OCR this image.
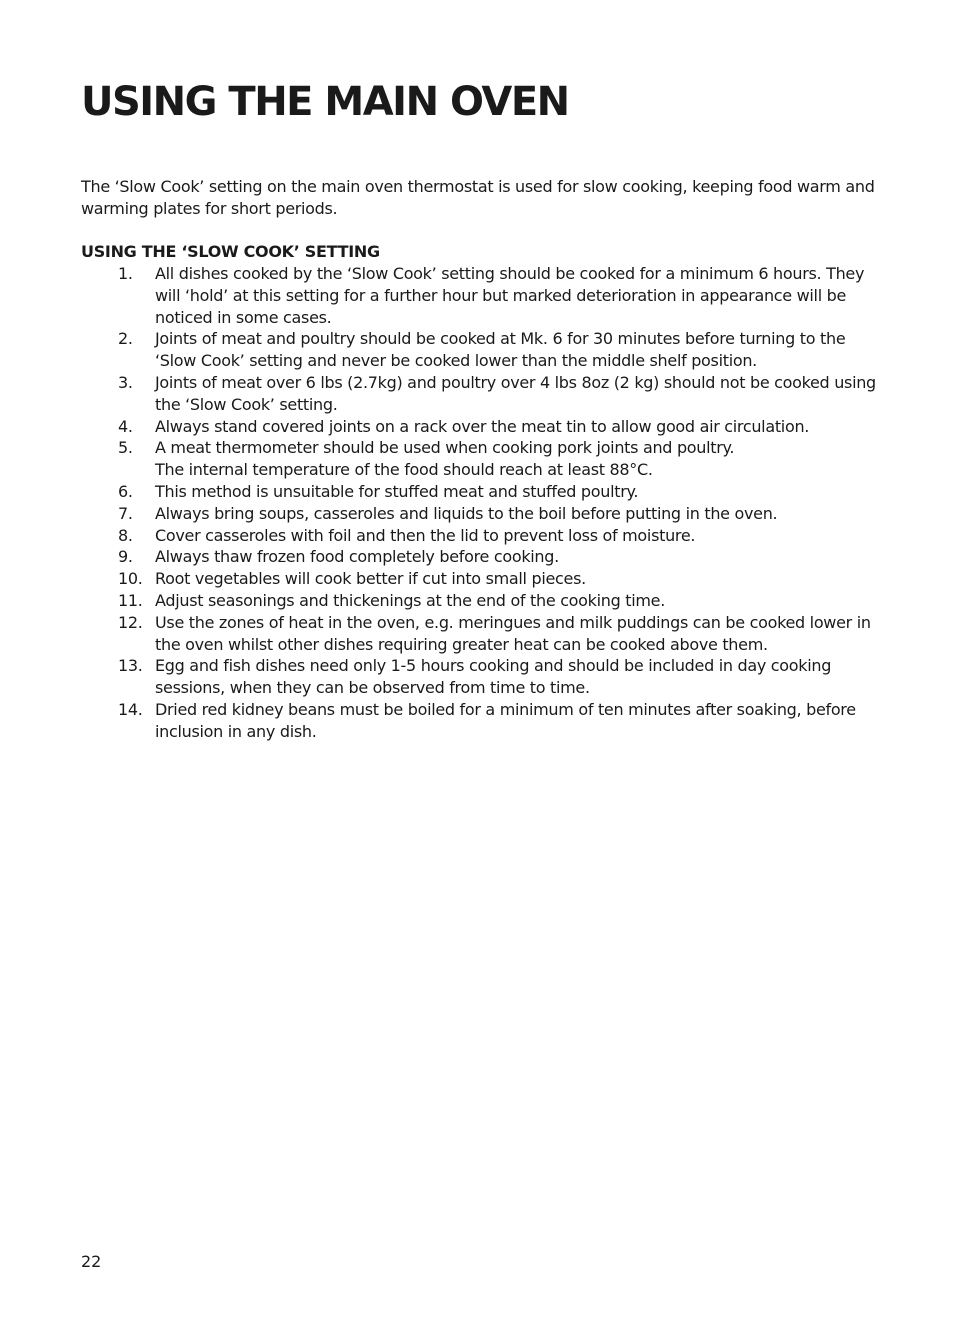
USING THE MAIN OVEN

The ‘Slow Cook’ setting on the main oven thermostat is used for slow cooking, keeping food warm and warming plates for short periods.

USING THE ‘SLOW COOK’ SETTING
1.	All dishes cooked by the ‘Slow Cook’ setting should be cooked for a minimum 6 hours. They will ‘hold’ at this setting for a further hour but marked deterioration in appearance will be noticed in some cases.
2.	Joints of meat and poultry should be cooked at Mk. 6 for 30 minutes before turning to the ‘Slow Cook’ setting and never be cooked lower than the middle shelf position.
3.	Joints of meat over 6 lbs (2.7kg) and poultry over 4 lbs 8oz (2 kg) should not be cooked using the ‘Slow Cook’ setting.
4.	Always stand covered joints on a rack over the meat tin to allow good air circulation.
5.	A meat thermometer should be used when cooking pork joints and poultry.
The internal temperature of the food should reach at least 88°C.
6.	This method is unsuitable for stuffed meat and stuffed poultry.
7.	Always bring soups, casseroles and liquids to the boil before putting in the oven.
8.	Cover casseroles with foil and then the lid to prevent loss of moisture.
9.	Always thaw frozen food completely before cooking.
10. Root vegetables will cook better if cut into small pieces.
11. Adjust seasonings and thickenings at the end of the cooking time.
12. Use the zones of heat in the oven, e.g. meringues and milk puddings can be cooked lower in the oven whilst other dishes requiring greater heat can be cooked above them.
13. Egg and fish dishes need only 1-5 hours cooking and should be included in day cooking sessions, when they can be observed from time to time.
14. Dried red kidney beans must be boiled for a minimum of ten minutes after soaking, before inclusion in any dish.

22
